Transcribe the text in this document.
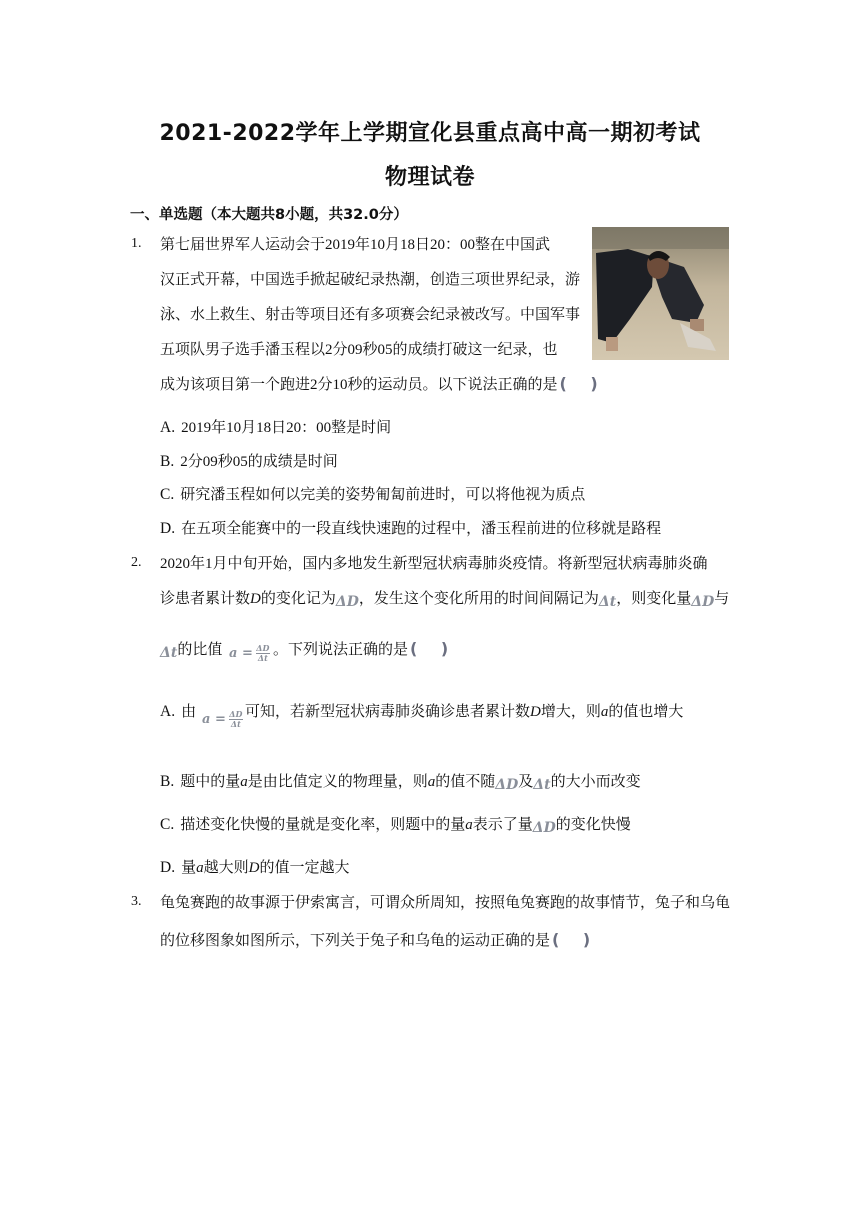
2021-2022学年上学期宣化县重点高中高一期初考试
物理试卷
一、单选题（本大题共8小题，共32.0分）
1. 第七届世界军人运动会于2019年10月18日20：00整在中国武
汉正式开幕，中国选手掀起破纪录热潮，创造三项世界纪录，游
泳、水上救生、射击等项目还有多项赛会纪录被改写。中国军事
五项队男子选手潘玉程以2分09秒05的成绩打破这一纪录，也
成为该项目第一个跑进2分10秒的运动员。以下说法正确的是 ( )
A. 2019年10月18日20：00整是时间
B. 2分09秒05的成绩是时间
C. 研究潘玉程如何以完美的姿势匍匐前进时，可以将他视为质点
D. 在五项全能赛中的一段直线快速跑的过程中，潘玉程前进的位移就是路程
2. 2020年1月中旬开始，国内多地发生新型冠状病毒肺炎疫情。将新型冠状病毒肺炎确
诊患者累计数D的变化记为ΔD，发生这个变化所用的时间间隔记为Δt，则变化量ΔD与
Δt的比值 a = ΔD
Δt 。下列说法正确的是 ( )
A. 由 a = ΔD
Δt
可知，若新型冠状病毒肺炎确诊患者累计数D增大，则a的值也增大
B. 题中的量a是由比值定义的物理量，则a的值不随ΔD及Δt的大小而改变
C. 描述变化快慢的量就是变化率，则题中的量a表示了量ΔD的变化快慢
D. 量a越大则D的值一定越大
3. 龟兔赛跑的故事源于伊索寓言，可谓众所周知，按照龟兔赛跑的故事情节，兔子和乌龟
的位移图象如图所示，下列关于兔子和乌龟的运动正确的是 ( )
